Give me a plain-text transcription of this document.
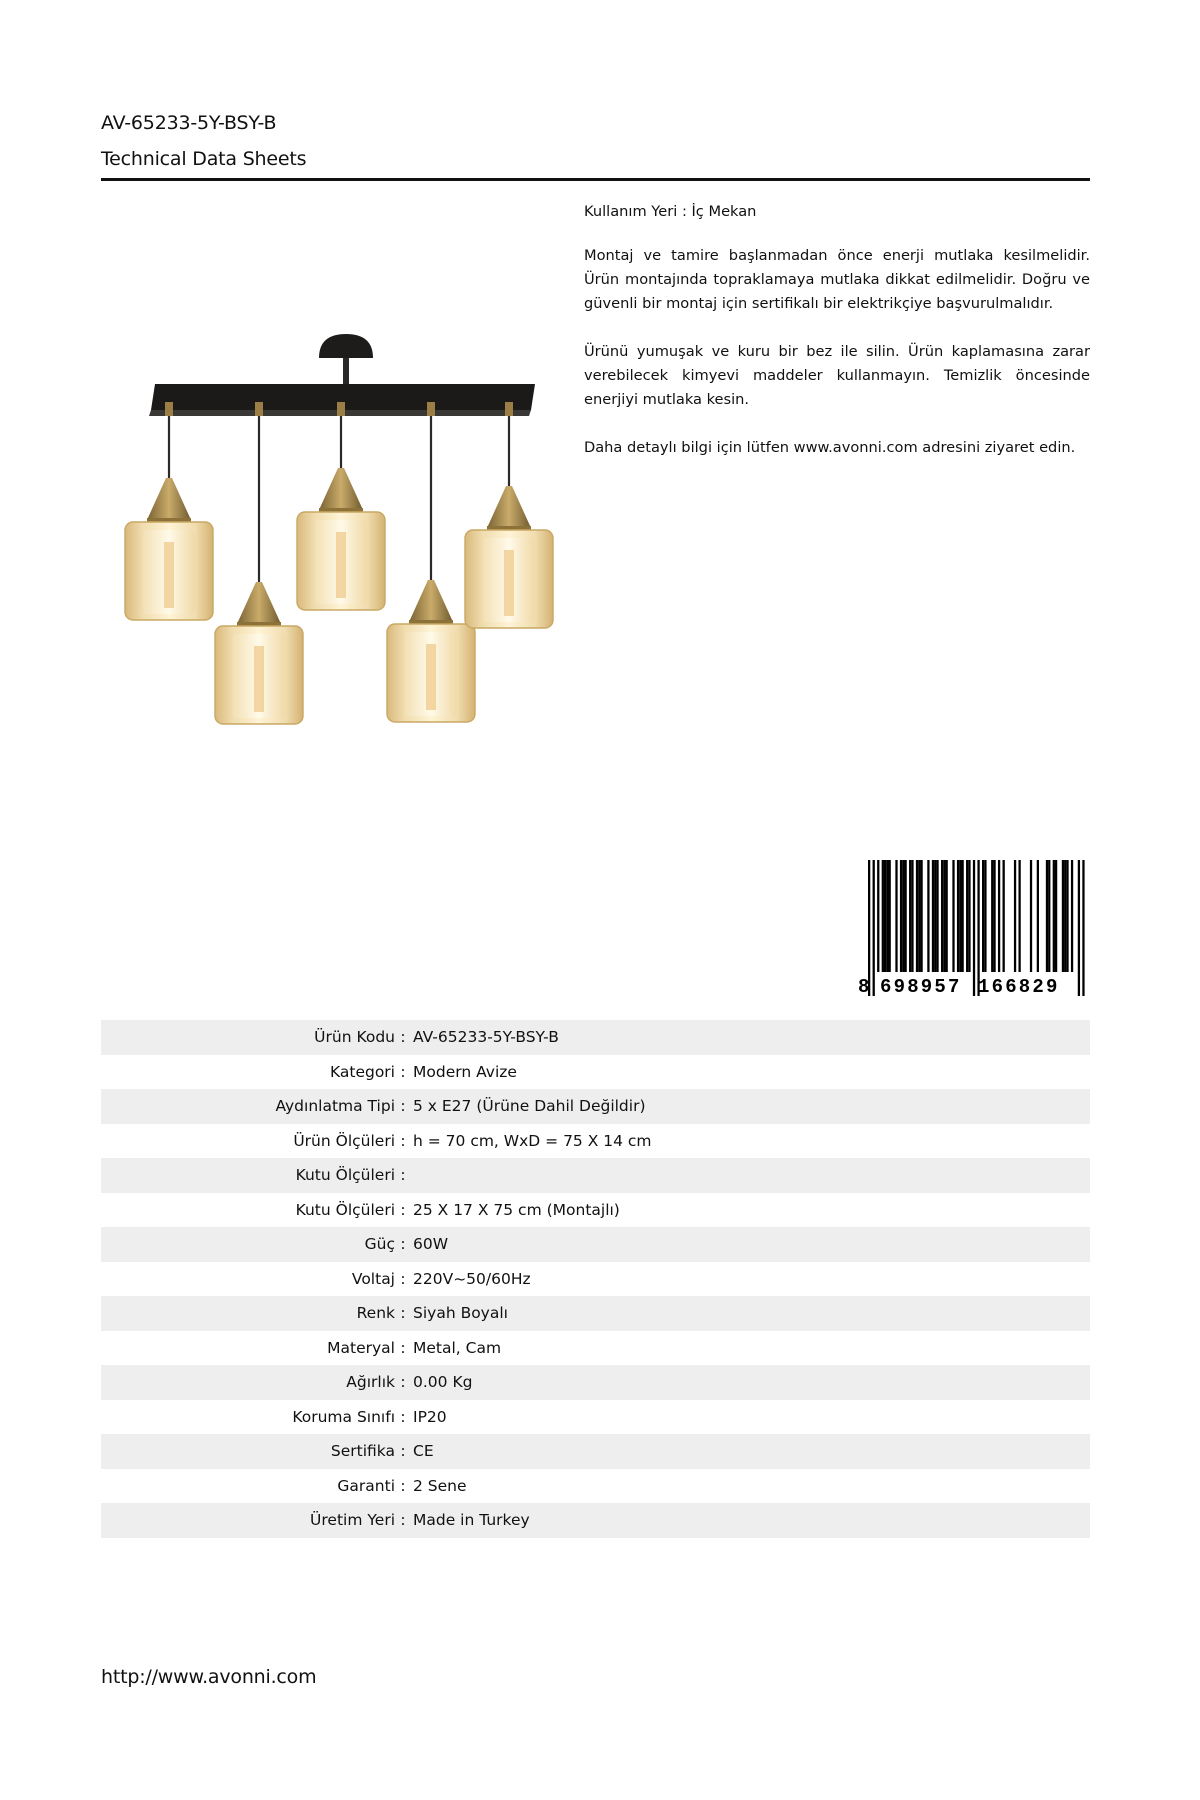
AV-65233-5Y-BSY-B
Technical Data Sheets

Kullanım Yeri : İç Mekan

Montaj ve tamire başlanmadan önce enerji mutlaka kesilmelidir. Ürün montajında topraklamaya mutlaka dikkat edilmelidir. Doğru ve güvenli bir montaj için sertifikalı bir elektrikçiye başvurulmalıdır.

Ürünü yumuşak ve kuru bir bez ile silin. Ürün kaplamasına zarar verebilecek kimyevi maddeler kullanmayın. Temizlik öncesinde enerjiyi mutlaka kesin.

Daha detaylı bilgi için lütfen www.avonni.com adresini ziyaret edin.

8 698957 166829
Ürün Kodu : AV-65233-5Y-BSY-B
Kategori : Modern Avize
Aydınlatma Tipi : 5 x E27 (Ürüne Dahil Değildir)
Ürün Ölçüleri : h = 70 cm, WxD = 75 X 14 cm
Kutu Ölçüleri :
Kutu Ölçüleri : 25 X 17 X 75 cm (Montajlı)
Güç : 60W
Voltaj : 220V~50/60Hz
Renk : Siyah Boyalı
Materyal : Metal, Cam
Ağırlık : 0.00 Kg
Koruma Sınıfı : IP20
Sertifika : CE
Garanti : 2 Sene
Üretim Yeri : Made in Turkey
http://www.avonni.com
